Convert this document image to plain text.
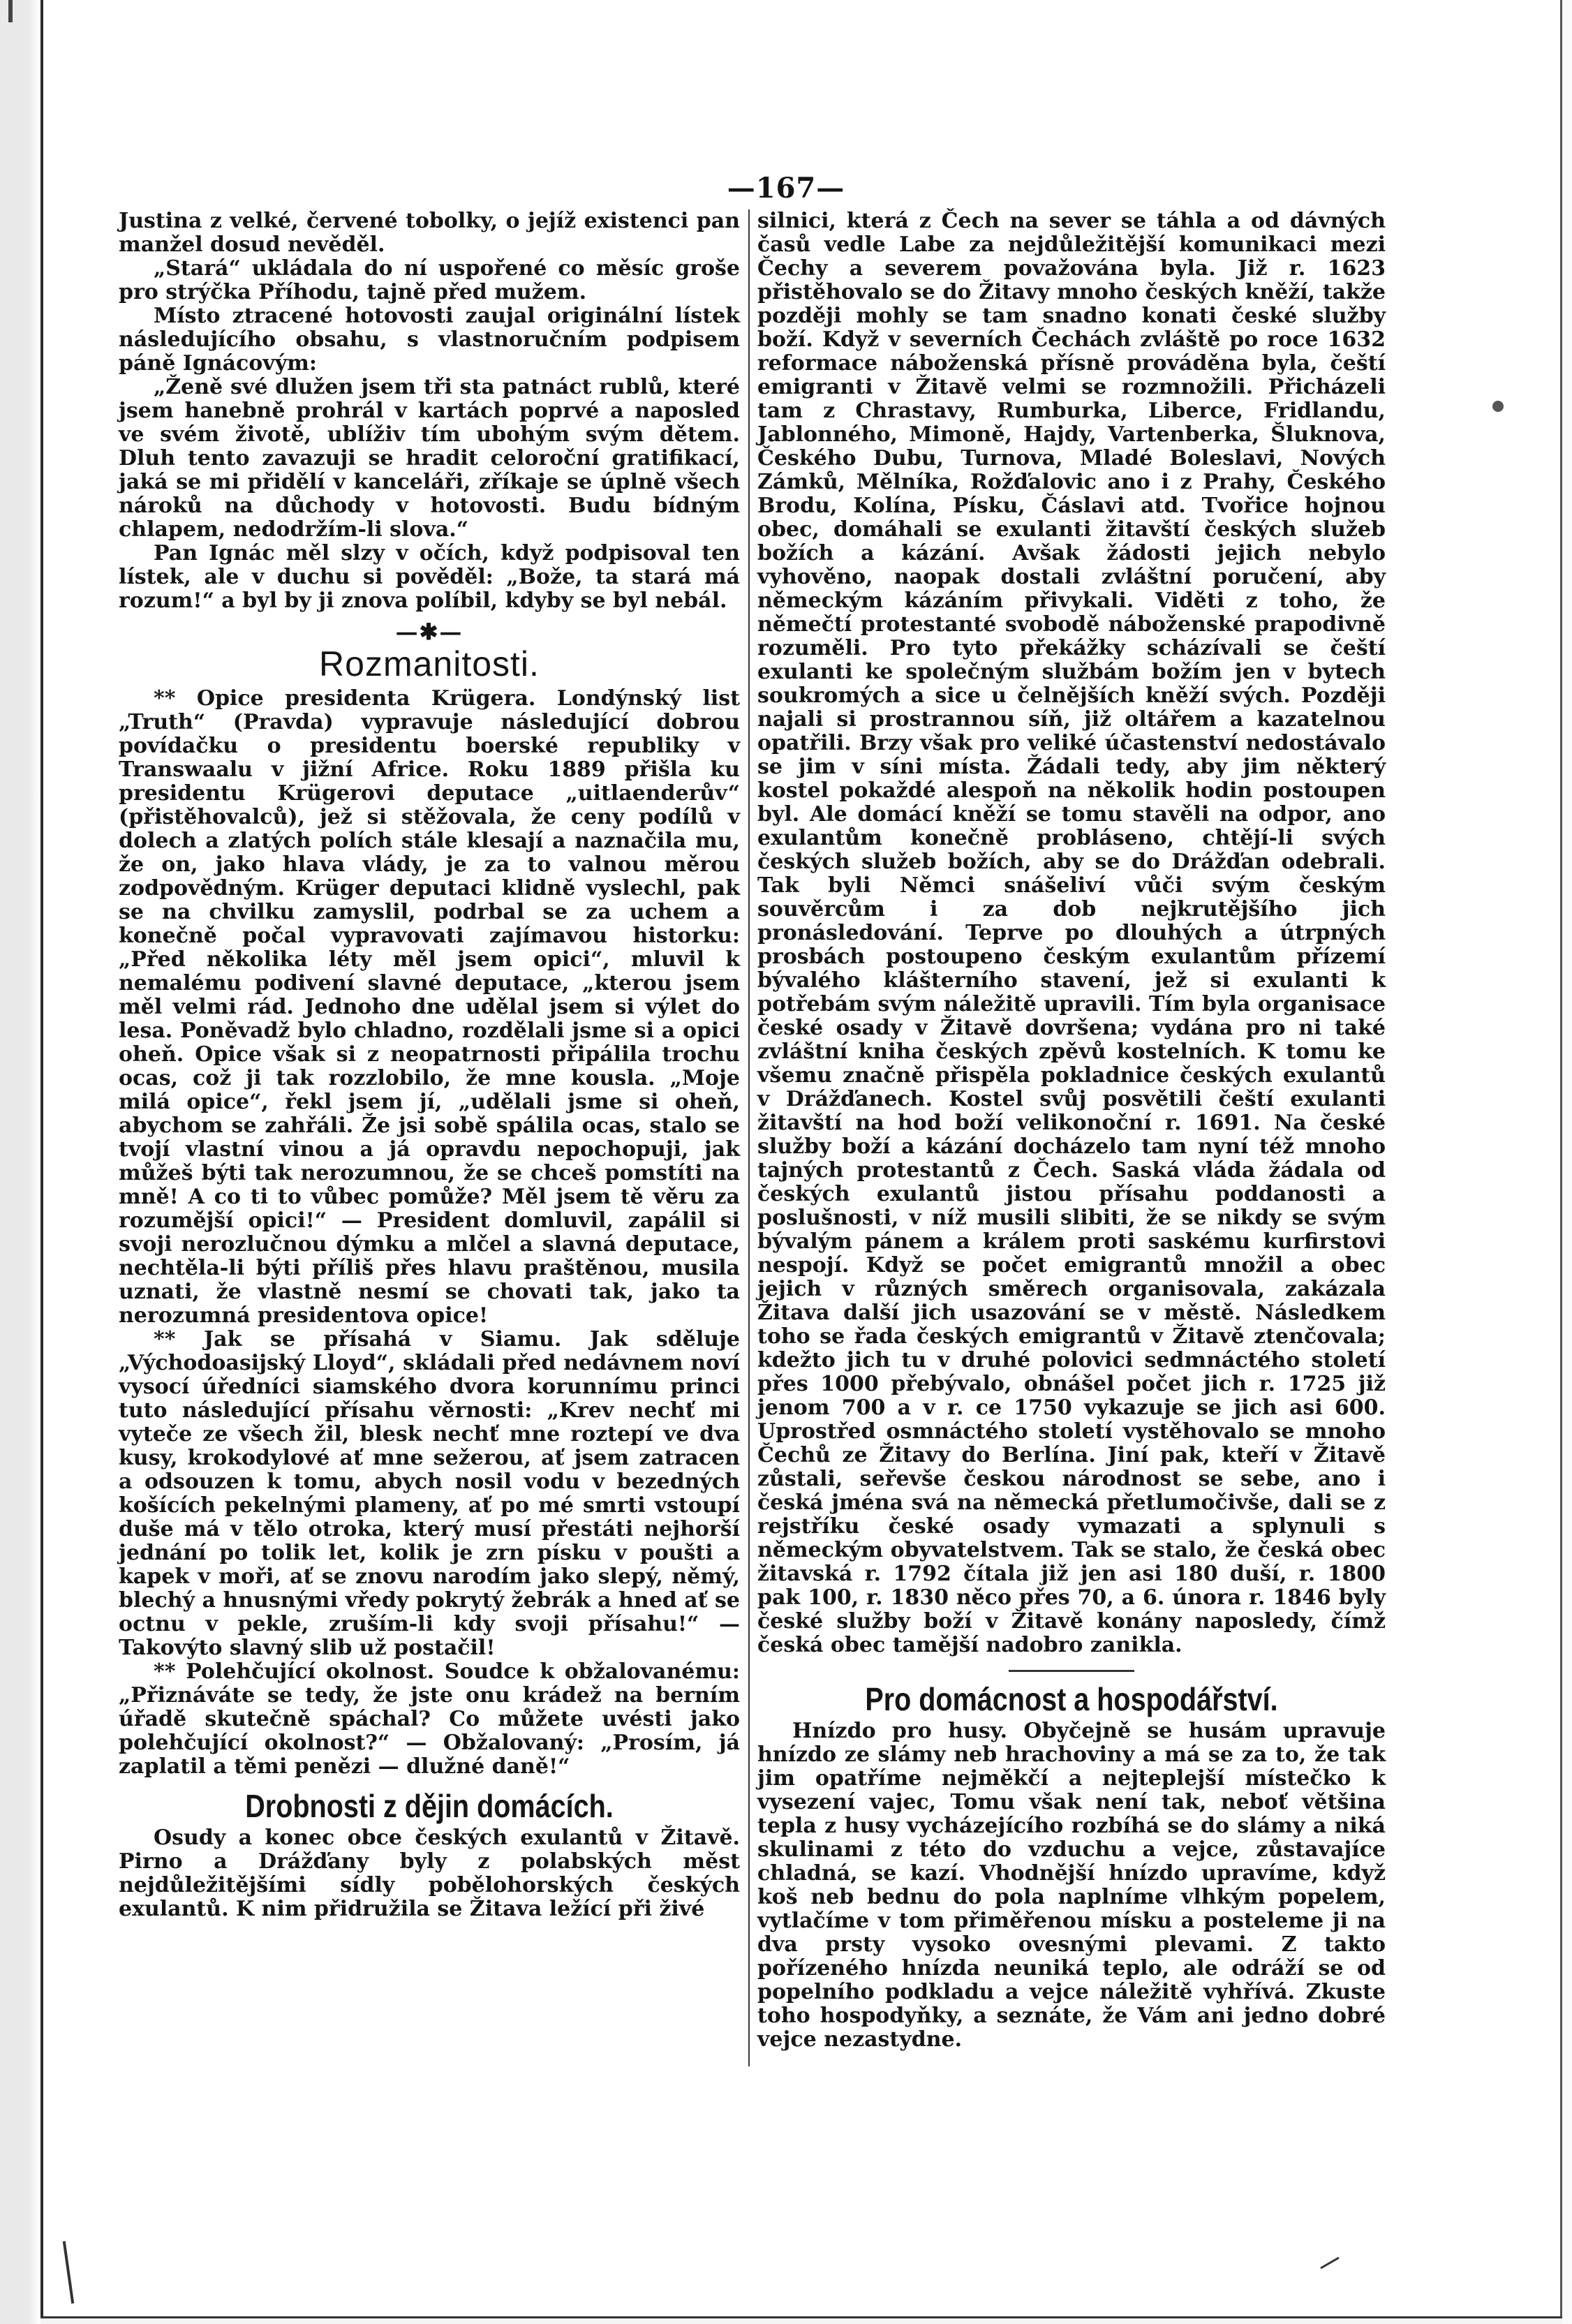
—167—

Justina z velké, červené tobolky, o jejíž existenci pan manžel dosud nevěděl.

„Stará“ ukládala do ní uspořené co měsíc groše pro strýčka Příhodu, tajně před mužem.

Místo ztracené hotovosti zaujal originální lístek následujícího obsahu, s vlastnoručním podpisem páně Ignácovým:

„Ženě své dlužen jsem tři sta patnáct rublů, které jsem hanebně prohrál v kartách poprvé a naposled ve svém životě, ublíživ tím ubohým svým dětem. Dluh tento zavazuji se hradit celoroční gratifikací, jaká se mi přidělí v kanceláři, zříkaje se úplně všech nároků na důchody v hotovosti. Budu bídným chlapem, nedodržím-li slova.“

Pan Ignác měl slzy v očích, když podpisoval ten lístek, ale v duchu si pověděl: „Bože, ta stará má rozum!“ a byl by ji znova políbil, kdyby se byl nebál.

—✱—
Rozmanitosti.

** Opice presidenta Krügera. Londýnský list „Truth“ (Pravda) vypravuje následující dobrou povídačku o presidentu boerské republiky v Transwaalu v jižní Africe. Roku 1889 přišla ku presidentu Krügerovi deputace „uitlaenderův“ (přistěhovalců), jež si stěžovala, že ceny podílů v dolech a zlatých polích stále klesají a naznačila mu, že on, jako hlava vlády, je za to valnou měrou zodpovědným. Krüger deputaci klidně vyslechl, pak se na chvilku zamyslil, podrbal se za uchem a konečně počal vypravovati zajímavou historku: „Před několika léty měl jsem opici“, mluvil k nemalému podivení slavné deputace, „kterou jsem měl velmi rád. Jednoho dne udělal jsem si výlet do lesa. Poněvadž bylo chladno, rozdělali jsme si a opici oheň. Opice však si z neopatrnosti připálila trochu ocas, což ji tak rozzlobilo, že mne kousla. „Moje milá opice“, řekl jsem jí, „udělali jsme si oheň, abychom se zahřáli. Že jsi sobě spálila ocas, stalo se tvojí vlastní vinou a já opravdu nepochopuji, jak můžeš býti tak nerozumnou, že se chceš pomstíti na mně! A co ti to vůbec pomůže? Měl jsem tě věru za rozumější opici!“ — President domluvil, zapálil si svoji nerozlučnou dýmku a mlčel a slavná deputace, nechtěla-li býti příliš přes hlavu praštěnou, musila uznati, že vlastně nesmí se chovati tak, jako ta nerozumná presidentova opice!

** Jak se přísahá v Siamu. Jak sděluje „Východoasijský Lloyd“, skládali před nedávnem noví vysocí úředníci siamského dvora korunnímu princi tuto následující přísahu věrnosti: „Krev nechť mi vyteče ze všech žil, blesk nechť mne roztepí ve dva kusy, krokodylové ať mne sežerou, ať jsem zatracen a odsouzen k tomu, abych nosil vodu v bezedných košících pekelnými plameny, ať po mé smrti vstoupí duše má v tělo otroka, který musí přestáti nejhorší jednání po tolik let, kolik je zrn písku v poušti a kapek v moři, ať se znovu narodím jako slepý, němý, blechý a hnusnými vředy pokrytý žebrák a hned ať se octnu v pekle, zruším-li kdy svoji přísahu!“ — Takovýto slavný slib už postačil!

** Polehčující okolnost. Soudce k obžalovanému: „Přiznáváte se tedy, že jste onu krádež na berním úřadě skutečně spáchal? Co můžete uvésti jako polehčující okolnost?“ — Obžalovaný: „Prosím, já zaplatil a těmi penězi — dlužné daně!“

Drobnosti z dějin domácích.

Osudy a konec obce českých exulantů v Žitavě. Pirno a Drážďany byly z polabských měst nejdůležitějšími sídly pobělohorských českých exulantů. K nim přidružila se Žitava ležící při živé

silnici, která z Čech na sever se táhla a od dávných časů vedle Labe za nejdůležitější komunikaci mezi Čechy a severem považována byla. Již r. 1623 přistěhovalo se do Žitavy mnoho českých kněží, takže později mohly se tam snadno konati české služby boží. Když v severních Čechách zvláště po roce 1632 reformace náboženská přísně prováděna byla, čeští emigranti v Žitavě velmi se rozmnožili. Přicházeli tam z Chrastavy, Rumburka, Liberce, Fridlandu, Jablonného, Mimoně, Hajdy, Vartenberka, Šluknova, Českého Dubu, Turnova, Mladé Boleslavi, Nových Zámků, Mělníka, Rožďalovic ano i z Prahy, Českého Brodu, Kolína, Písku, Čáslavi atd. Tvořice hojnou obec, domáhali se exulanti žitavští českých služeb božích a kázání. Avšak žádosti jejich nebylo vyhověno, naopak dostali zvláštní poručení, aby německým kázáním přivykali. Viděti z toho, že němečtí protestanté svobodě náboženské prapodivně rozuměli. Pro tyto překážky scházívali se čeští exulanti ke společným službám božím jen v bytech soukromých a sice u čelnějších kněží svých. Později najali si prostrannou síň, již oltářem a kazatelnou opatřili. Brzy však pro veliké účastenství nedostávalo se jim v síni místa. Žádali tedy, aby jim některý kostel pokaždé alespoň na několik hodin postoupen byl. Ale domácí kněží se tomu stavěli na odpor, ano exulantům konečně probláseno, chtějí-li svých českých služeb božích, aby se do Drážďan odebrali. Tak byli Němci snášeliví vůči svým českým souvěrcům i za dob nejkrutějšího jich pronásledování. Teprve po dlouhých a útrpných prosbách postoupeno českým exulantům přízemí bývalého klášterního stavení, jež si exulanti k potřebám svým náležitě upravili. Tím byla organisace české osady v Žitavě dovršena; vydána pro ni také zvláštní kniha českých zpěvů kostelních. K tomu ke všemu značně přispěla pokladnice českých exulantů v Drážďanech. Kostel svůj posvětili čeští exulanti žitavští na hod boží velikonoční r. 1691. Na české služby boží a kázání docházelo tam nyní též mnoho tajných protestantů z Čech. Saská vláda žádala od českých exulantů jistou přísahu poddanosti a poslušnosti, v níž musili slibiti, že se nikdy se svým bývalým pánem a králem proti saskému kurfirstovi nespojí. Když se počet emigrantů množil a obec jejich v různých směrech organisovala, zakázala Žitava další jich usazování se v městě. Následkem toho se řada českých emigrantů v Žitavě ztenčovala; kdežto jich tu v druhé polovici sedmnáctého století přes 1000 přebývalo, obnášel počet jich r. 1725 již jenom 700 a v r. ce 1750 vykazuje se jich asi 600. Uprostřed osmnáctého století vystěhovalo se mnoho Čechů ze Žitavy do Berlína. Jiní pak, kteří v Žitavě zůstali, seřevše českou národnost se sebe, ano i česká jména svá na německá přetlumočivše, dali se z rejstříku české osady vymazati a splynuli s německým obyvatelstvem. Tak se stalo, že česká obec žitavská r. 1792 čítala již jen asi 180 duší, r. 1800 pak 100, r. 1830 něco přes 70, a 6. února r. 1846 byly české služby boží v Žitavě konány naposledy, čímž česká obec tamější nadobro zanikla.

Pro domácnost a hospodářství.

Hnízdo pro husy. Obyčejně se husám upravuje hnízdo ze slámy neb hrachoviny a má se za to, že tak jim opatříme nejměkčí a nejteplejší místečko k vysezení vajec, Tomu však není tak, neboť většina tepla z husy vycházejícího rozbíhá se do slámy a niká skulinami z této do vzduchu a vejce, zůstavajíce chladná, se kazí. Vhodnější hnízdo upravíme, když koš neb bednu do pola naplníme vlhkým popelem, vytlačíme v tom přiměřenou mísku a posteleme ji na dva prsty vysoko ovesnými plevami. Z takto pořízeného hnízda neuniká teplo, ale odráží se od popelního podkladu a vejce náležitě vyhřívá. Zkuste toho hospodyňky, a seznáte, že Vám ani jedno dobré vejce nezastydne.
